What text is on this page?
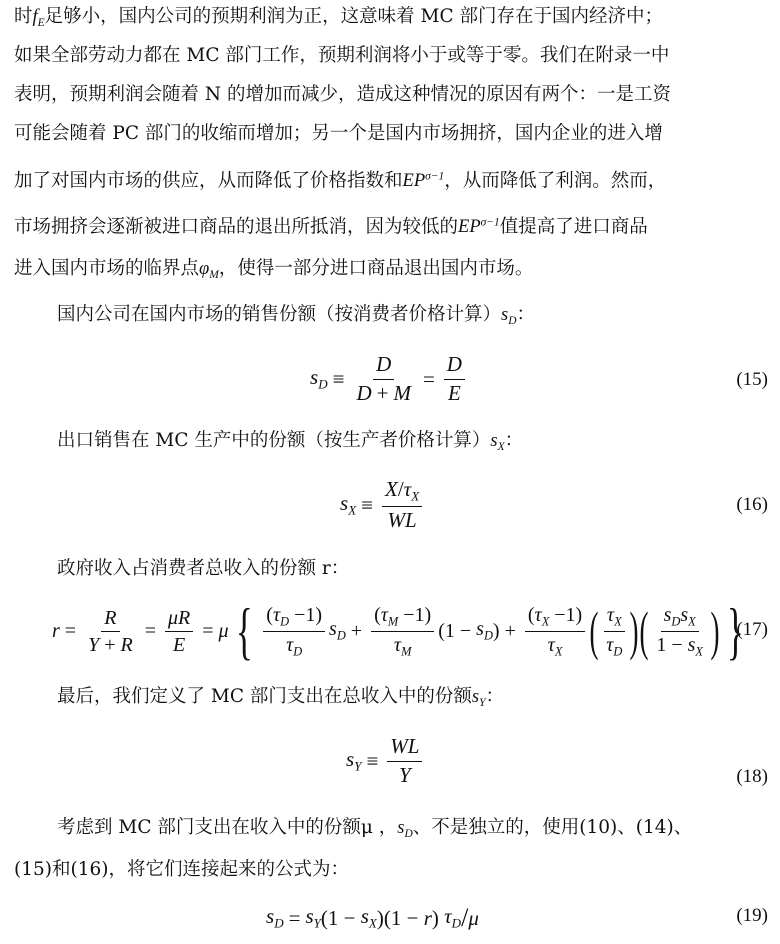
时$f_E$足够小，国内公司的预期利润为正，这意味着 MC 部门存在于国内经济中；
如果全部劳动力都在 MC 部门工作，预期利润将小于或等于零。我们在附录一中
表明，预期利润会随着 N 的增加而减少，造成这种情况的原因有两个：一是工资
可能会随着 PC 部门的收缩而增加；另一个是国内市场拥挤，国内企业的进入增
加了对国内市场的供应，从而降低了价格指数和$EP^{\sigma-1}$，从而降低了利润。然而，
市场拥挤会逐渐被进口商品的退出所抵消，因为较低的$EP^{\sigma-1}$值提高了进口商品
进入国内市场的临界点$\varphi_M$，使得一部分进口商品退出国内市场。
国内公司在国内市场的销售份额（按消费者价格计算）$s_D$：
$s_D \equiv \frac{D}{D + M} = \frac{D}{E}$	(15)
出口销售在 MC 生产中的份额（按生产者价格计算）$s_X$：
$s_X \equiv \frac{X/\tau_X}{WL}$	(16)
政府收入占消费者总收入的份额 r：
$r = \frac{R}{Y + R} = \frac{\mu R}{E} = \mu$ { $\frac{(\tau_D -1)}{\tau_D} s_D + \frac{(\tau_M -1)}{\tau_M} (1$ −
$s_D$ ) + $\frac{(\tau_X -1)}{\tau_X}$ ( $\frac{\tau_X}{\tau_D}$ ) ( $\frac{s_Ds_X}{1 - s_X}$ ) }
(17)
最后，我们定义了 MC 部门支出在总收入中的份额$s_Y$：
$s_Y \equiv \frac{WL}{Y}$	(18)
考虑到 MC 部门支出在收入中的份额μ ，$s_D$、不是独立的，使用(10)、(14)、
(15)和(16)，将它们连接起来的公式为：
$s_D = s_Y$ (1 −
$s_X$ )(1 −
r )
$\tau_D$ / μ	(19)
